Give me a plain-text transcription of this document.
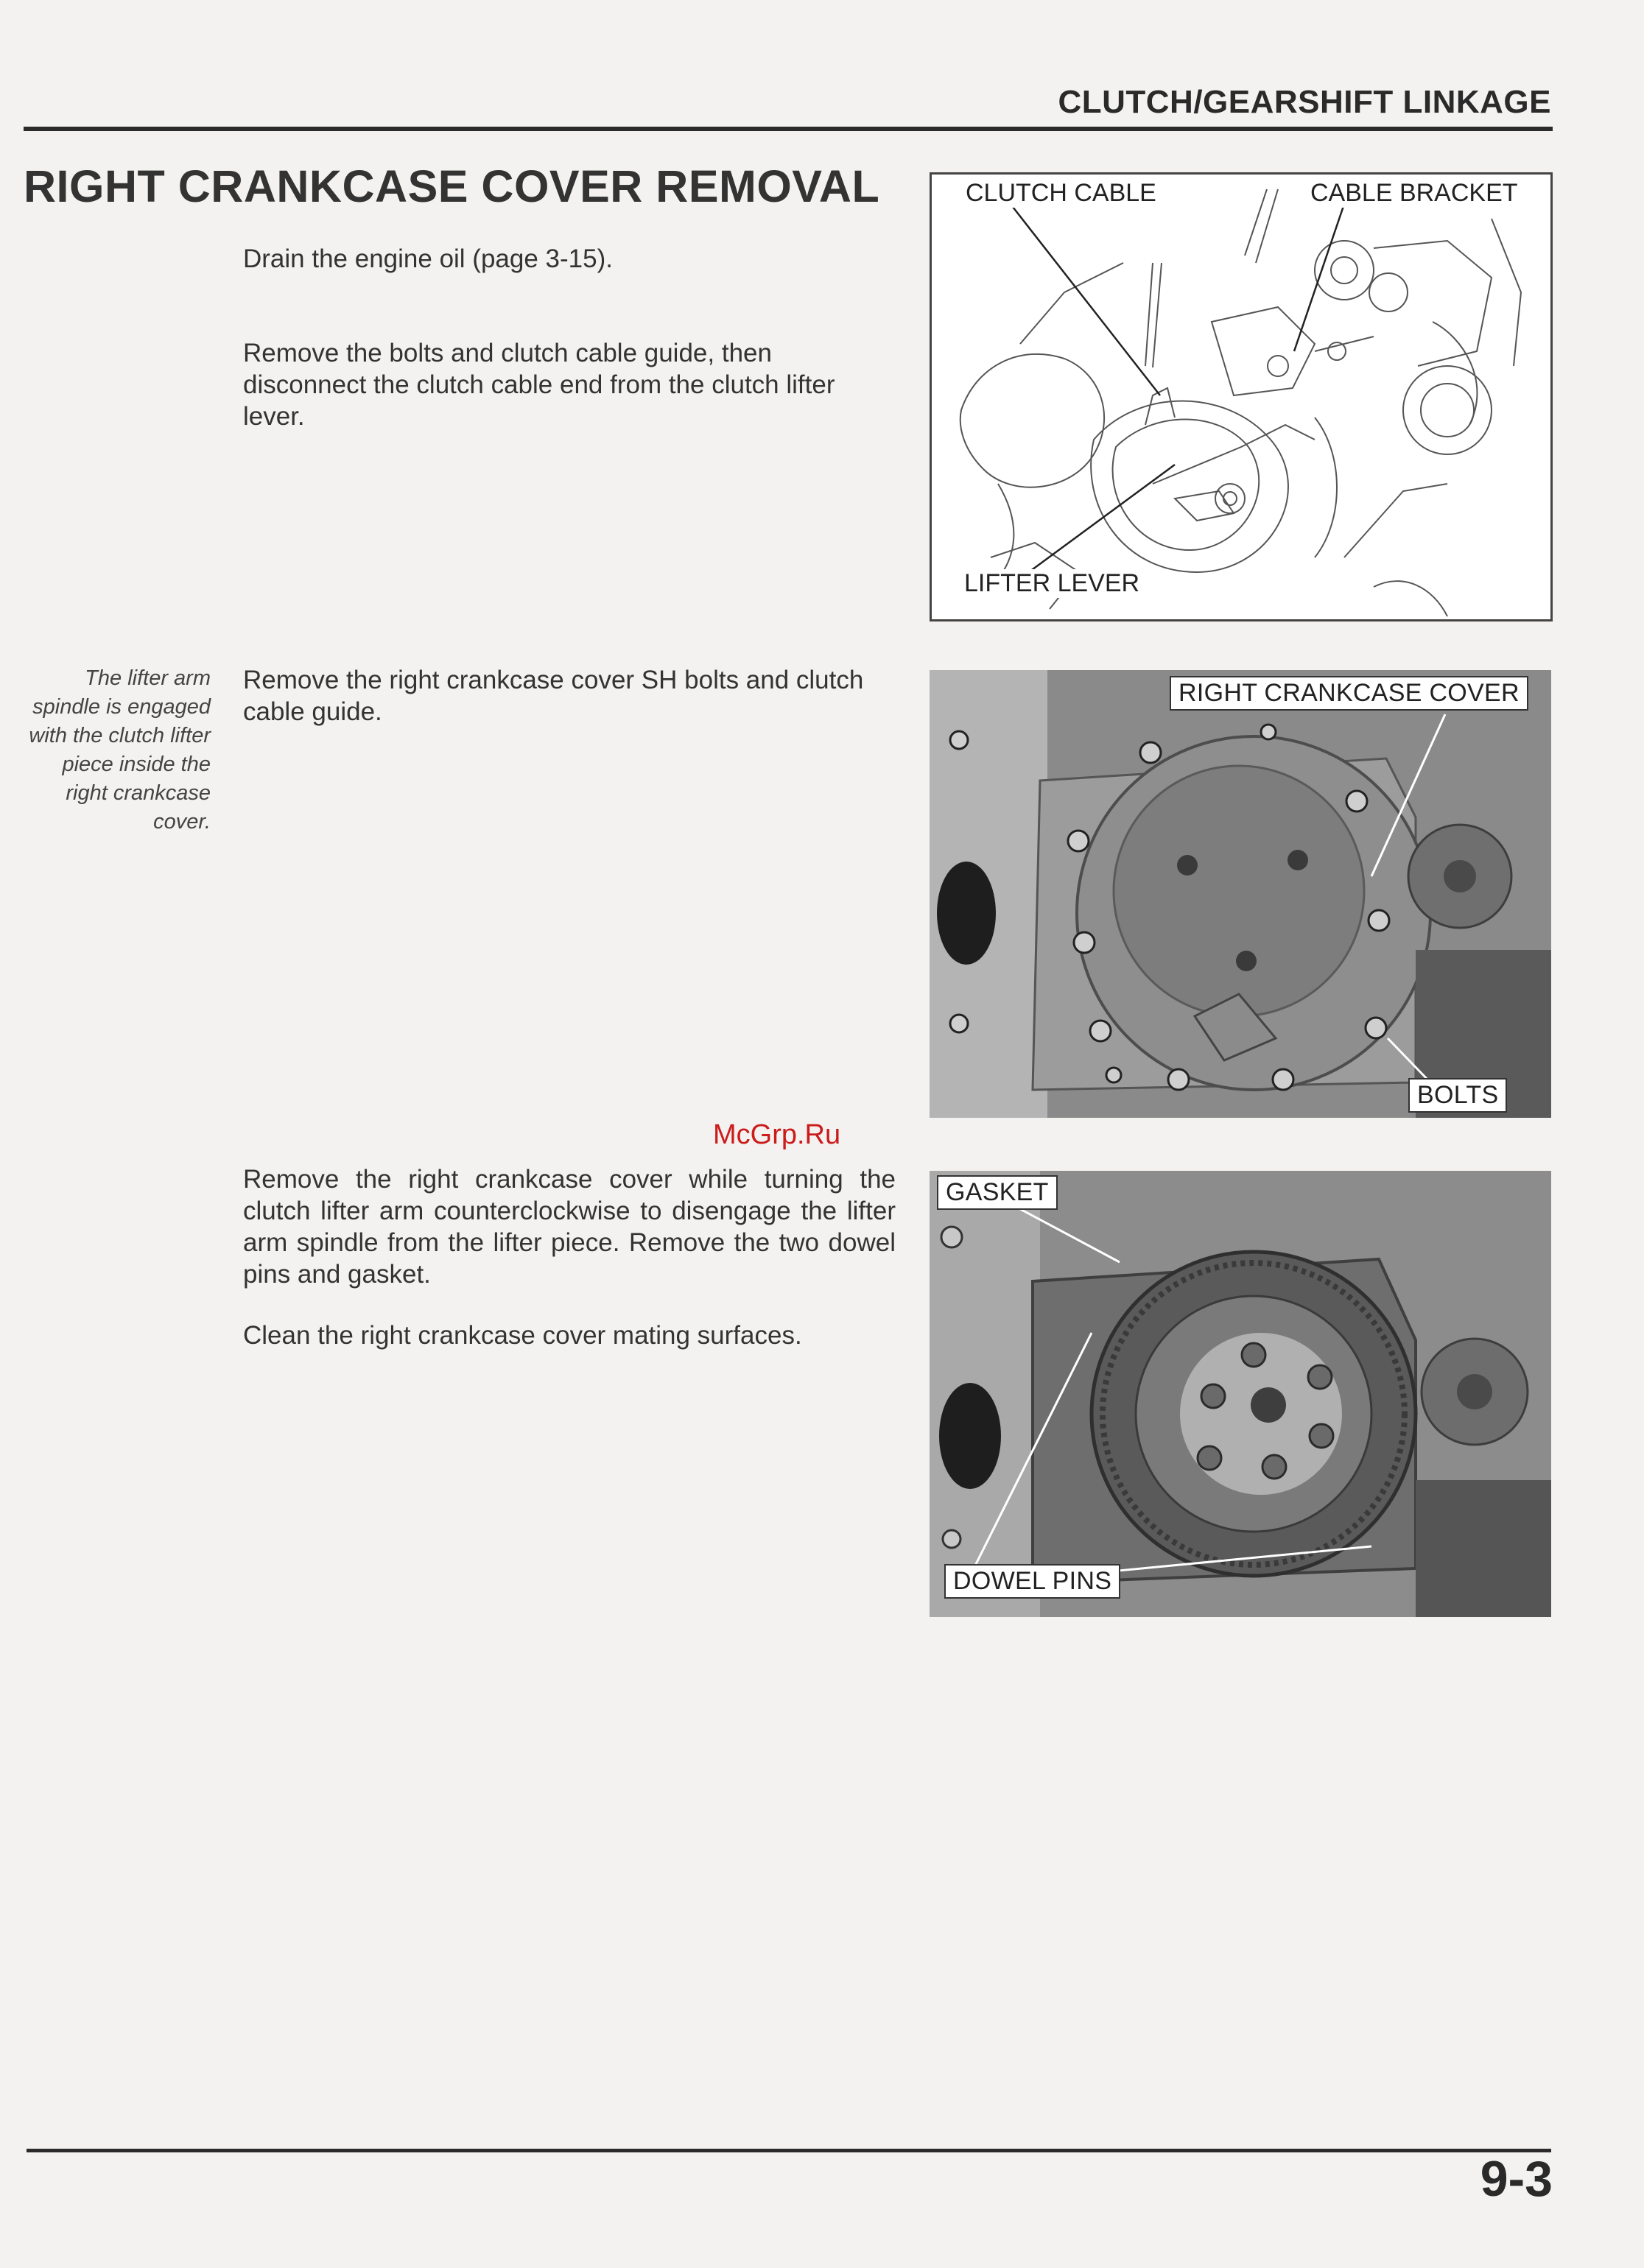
CLUTCH/GEARSHIFT LINKAGE
RIGHT CRANKCASE COVER REMOVAL
Drain the engine oil (page 3-15).
Remove the bolts and clutch cable guide, then disconnect the clutch cable end from the clutch lifter lever.
The lifter arm spindle is engaged with the clutch lifter piece inside the right crankcase cover.
Remove the right crankcase cover SH bolts and clutch cable guide.
McGrp.Ru
Remove the right crankcase cover while turning the clutch lifter arm counterclockwise to disengage the lifter arm spindle from the lifter piece. Remove the two dowel pins and gasket.
Clean the right crankcase cover mating surfaces.
CLUTCH CABLE	CABLE BRACKET
LIFTER LEVER
RIGHT CRANKCASE COVER
BOLTS
GASKET
DOWEL PINS
9-3
